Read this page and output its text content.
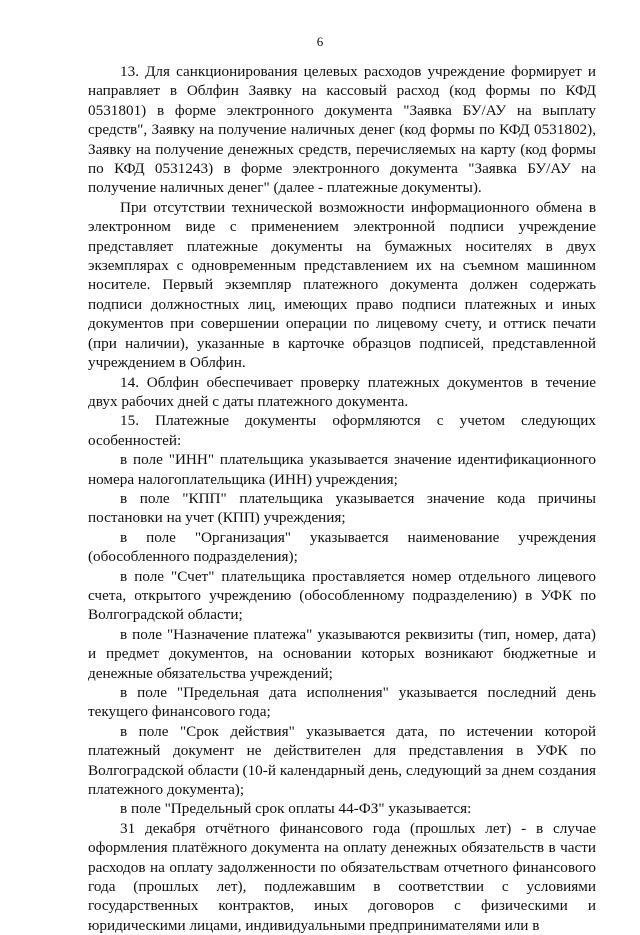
6

13. Для санкционирования целевых расходов учреждение формирует и направляет в Облфин Заявку на кассовый расход (код формы по КФД 0531801) в форме электронного документа "Заявка БУ/АУ на выплату средств", Заявку на получение наличных денег (код формы по КФД 0531802), Заявку на получение денежных средств, перечисляемых на карту (код формы по КФД 0531243) в форме электронного документа "Заявка БУ/АУ на получение наличных денег" (далее - платежные документы).

При отсутствии технической возможности информационного обмена в электронном виде с применением электронной подписи учреждение представляет платежные документы на бумажных носителях в двух экземплярах с одновременным представлением их на съемном машинном носителе. Первый экземпляр платежного документа должен содержать подписи должностных лиц, имеющих право подписи платежных и иных документов при совершении операции по лицевому счету, и оттиск печати (при наличии), указанные в карточке образцов подписей, представленной учреждением в Облфин.

14. Облфин обеспечивает проверку платежных документов в течение двух рабочих дней с даты платежного документа.

15. Платежные документы оформляются с учетом следующих особенностей:

в поле "ИНН" плательщика указывается значение идентификационного номера налогоплательщика (ИНН) учреждения;

в поле "КПП" плательщика указывается значение кода причины постановки на учет (КПП) учреждения;

в поле "Организация" указывается наименование учреждения (обособленного подразделения);

в поле "Счет" плательщика проставляется номер отдельного лицевого счета, открытого учреждению (обособленному подразделению) в УФК по Волгоградской области;

в поле "Назначение платежа" указываются реквизиты (тип, номер, дата) и предмет документов, на основании которых возникают бюджетные и денежные обязательства учреждений;

в поле "Предельная дата исполнения" указывается последний день текущего финансового года;

в поле "Срок действия" указывается дата, по истечении которой платежный документ не действителен для представления в УФК по Волгоградской области (10-й календарный день, следующий за днем создания платежного документа);

в поле "Предельный срок оплаты 44-ФЗ" указывается:

31 декабря отчётного финансового года (прошлых лет) - в случае оформления платёжного документа на оплату денежных обязательств в части расходов на оплату задолженности по обязательствам отчетного финансового года (прошлых лет), подлежавшим в соответствии с условиями государственных контрактов, иных договоров с физическими и юридическими лицами, индивидуальными предпринимателями или в
